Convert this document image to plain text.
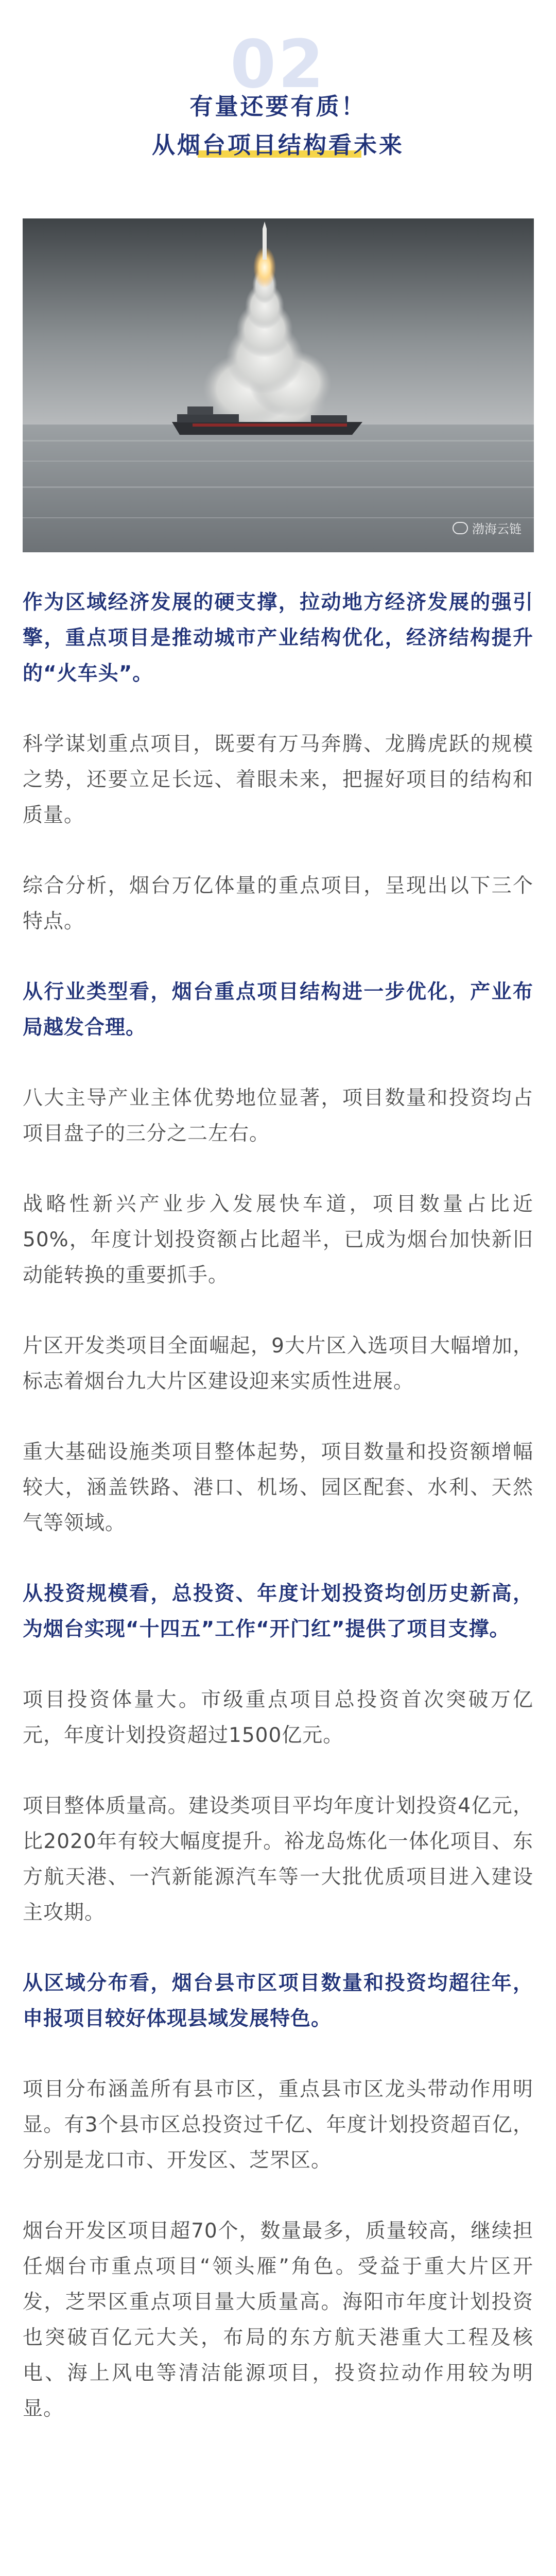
02
有量还要有质！
从烟台项目结构看未来
渤海云链

作为区域经济发展的硬支撑，拉动地方经济发展的强引擎，重点项目是推动城市产业结构优化，经济结构提升的“火车头”。

科学谋划重点项目，既要有万马奔腾、龙腾虎跃的规模之势，还要立足长远、着眼未来，把握好项目的结构和质量。

综合分析，烟台万亿体量的重点项目，呈现出以下三个特点。

从行业类型看，烟台重点项目结构进一步优化，产业布局越发合理。

八大主导产业主体优势地位显著，项目数量和投资均占项目盘子的三分之二左右。

战略性新兴产业步入发展快车道，项目数量占比近50%，年度计划投资额占比超半，已成为烟台加快新旧动能转换的重要抓手。

片区开发类项目全面崛起，9大片区入选项目大幅增加，标志着烟台九大片区建设迎来实质性进展。

重大基础设施类项目整体起势，项目数量和投资额增幅较大，涵盖铁路、港口、机场、园区配套、水利、天然气等领域。

从投资规模看，总投资、年度计划投资均创历史新高，为烟台实现“十四五”工作“开门红”提供了项目支撑。

项目投资体量大。市级重点项目总投资首次突破万亿元，年度计划投资超过1500亿元。

项目整体质量高。建设类项目平均年度计划投资4亿元，比2020年有较大幅度提升。裕龙岛炼化一体化项目、东方航天港、一汽新能源汽车等一大批优质项目进入建设主攻期。

从区域分布看，烟台县市区项目数量和投资均超往年，申报项目较好体现县域发展特色。

项目分布涵盖所有县市区，重点县市区龙头带动作用明显。有3个县市区总投资过千亿、年度计划投资超百亿，分别是龙口市、开发区、芝罘区。

烟台开发区项目超70个，数量最多，质量较高，继续担任烟台市重点项目“领头雁”角色。受益于重大片区开发，芝罘区重点项目量大质量高。海阳市年度计划投资也突破百亿元大关，布局的东方航天港重大工程及核电、海上风电等清洁能源项目，投资拉动作用较为明显。
